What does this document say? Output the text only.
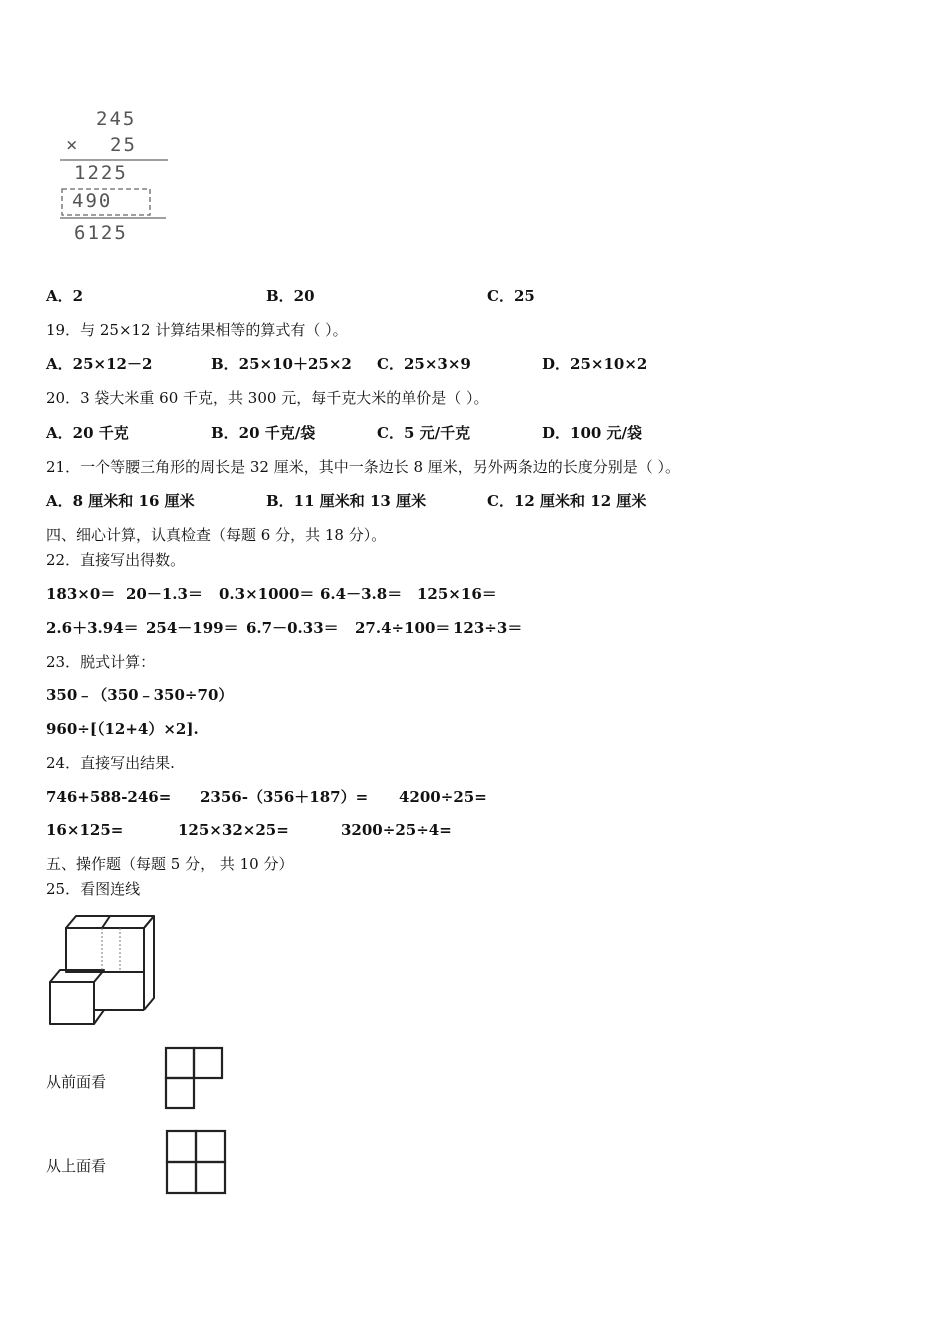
245
× 25
1225
490
6125
A．2	B．20	C．25
19．与 25×12 计算结果相等的算式有（ ）。
A．25×12－2	B．25×10＋25×2 C．25×3×9	D．25×10×2
20．3 袋大米重 60 千克，共 300 元，每千克大米的单价是（ ）。
A．20 千克	B．20 千克/袋	C．5 元/千克	D．100 元/袋
21．一个等腰三角形的周长是 32 厘米，其中一条边长 8 厘米，另外两条边的长度分别是（ ）。
A．8 厘米和 16 厘米	B．11 厘米和 13 厘米	C．12 厘米和 12 厘米
四、细心计算，认真检查（每题 6 分，共 18 分）。
22．直接写出得数。
183×0＝ 20－1.3＝ 0.3×1000＝ 6.4－3.8＝ 125×16＝
2.6＋3.94＝ 254－199＝ 6.7－0.33＝ 27.4÷100＝ 123÷3＝
23．脱式计算：
350﹣（350﹣350÷70）
960÷[（12+4）×2].
24．直接写出结果.
746+588-246= 2356-（356＋187）= 4200÷25=
16×125=	125×32×25=	3200÷25÷4=
五、操作题（每题 5 分， 共 10 分）
25．看图连线
从前面看
从上面看
